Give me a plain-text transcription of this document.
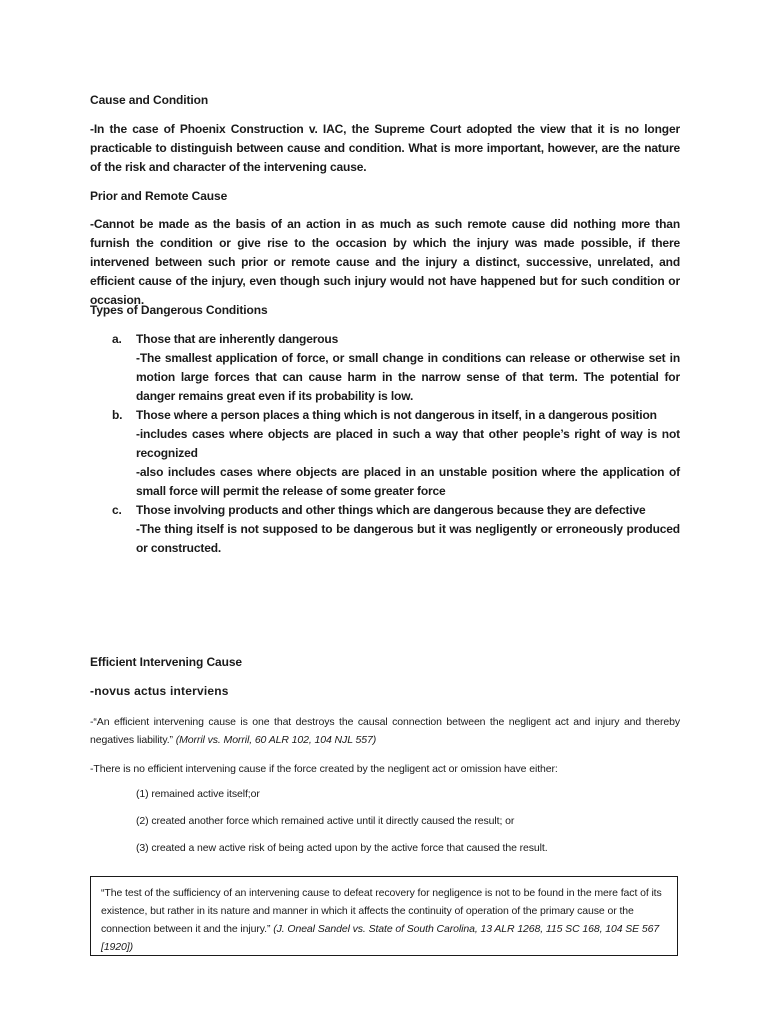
Cause and Condition
-In the case of Phoenix Construction v. IAC, the Supreme Court adopted the view that it is no longer practicable to distinguish between cause and condition. What is more important, however, are the nature of the risk and character of the intervening cause.
Prior and Remote Cause
-Cannot be made as the basis of an action in as much as such remote cause did nothing more than furnish the condition or give rise to the occasion by which the injury was made possible, if there intervened between such prior or remote cause and the injury a distinct, successive, unrelated, and efficient cause of the injury, even though such injury would not have happened but for such condition or occasion.
Types of Dangerous Conditions
a. Those that are inherently dangerous
-The smallest application of force, or small change in conditions can release or otherwise set in motion large forces that can cause harm in the narrow sense of that term. The potential for danger remains great even if its probability is low.
b. Those where a person places a thing which is not dangerous in itself, in a dangerous position
-includes cases where objects are placed in such a way that other people’s right of way is not recognized
-also includes cases where objects are placed in an unstable position where the application of small force will permit the release of some greater force
c. Those involving products and other things which are dangerous because they are defective
-The thing itself is not supposed to be dangerous but it was negligently or erroneously produced or constructed.
Efficient Intervening Cause
-novus actus interviens
-“An efficient intervening cause is one that destroys the causal connection between the negligent act and injury and thereby negatives liability.” (Morril vs. Morril, 60 ALR 102, 104 NJL 557)
-There is no efficient intervening cause if the force created by the negligent act or omission have either:
(1) remained active itself;or
(2) created another force which remained active until it directly caused the result; or
(3) created a new active risk of being acted upon by the active force that caused the result.
“The test of the sufficiency of an intervening cause to defeat recovery for negligence is not to be found in the mere fact of its existence, but rather in its nature and manner in which it affects the continuity of operation of the primary cause or the connection between it and the injury.” (J. Oneal Sandel vs. State of South Carolina, 13 ALR 1268, 115 SC 168, 104 SE 567 [1920])
